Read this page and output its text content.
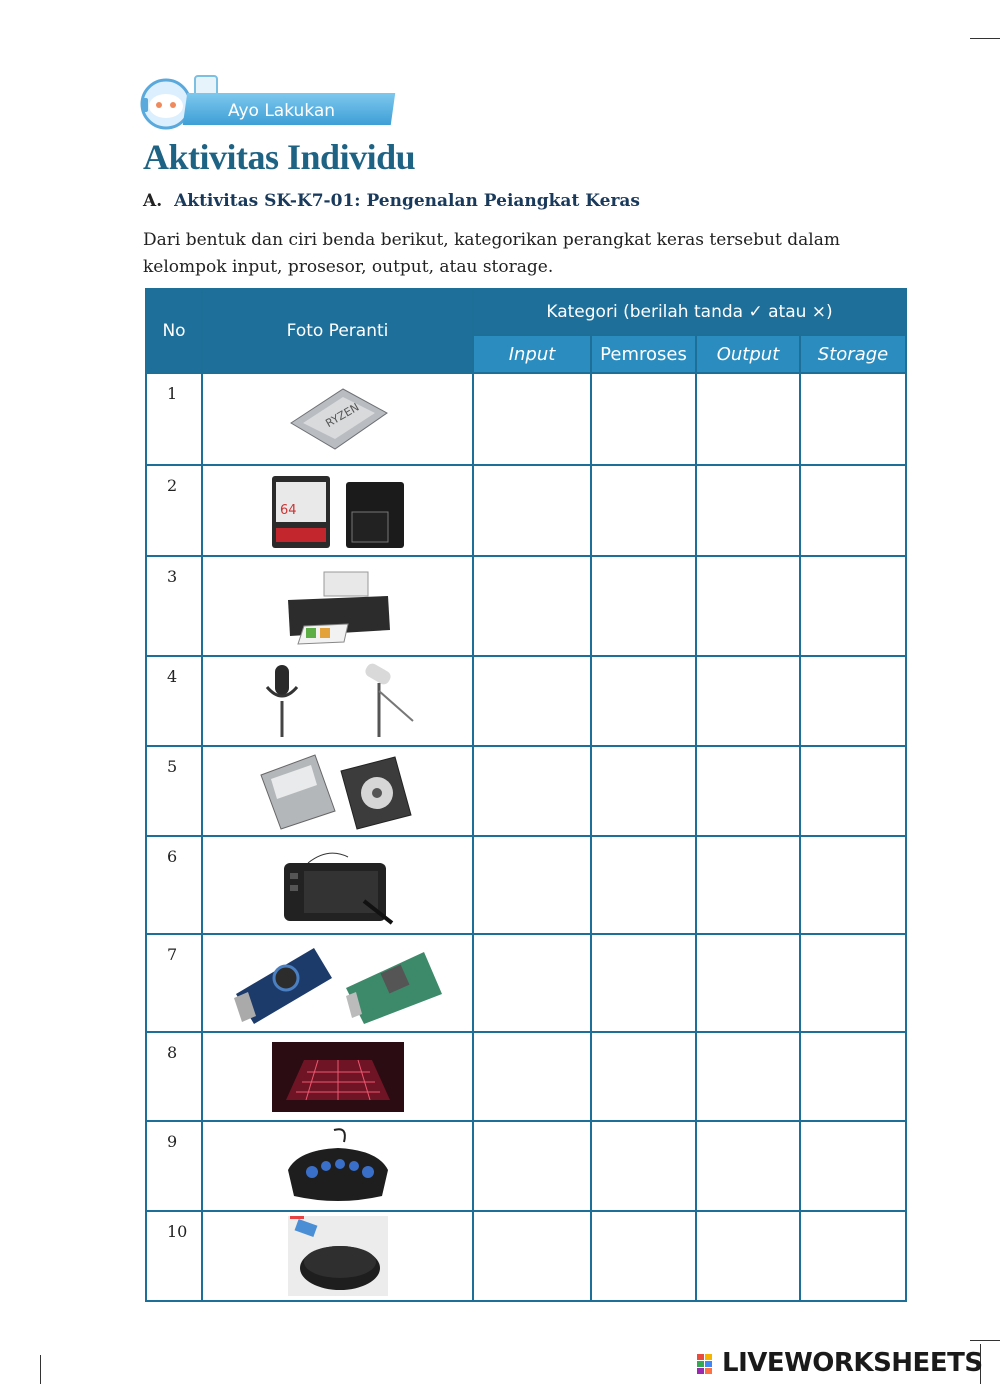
Ayo Lakukan
Aktivitas Individu
A. Aktivitas SK-K7-01: Pengenalan Peiangkat Keras
Dari bentuk dan ciri benda berikut, kategorikan perangkat keras tersebut dalam kelompok input, prosesor, output, atau storage.
No	Foto Peranti	Kategori (berilah tanda ✓ atau ×)			
		Input	Pemroses	Output	Storage
1	RYZEN				

2	64				

3	

4	

5	

6	

7	

8	

9	

10	

LIVEWORKSHEETS
